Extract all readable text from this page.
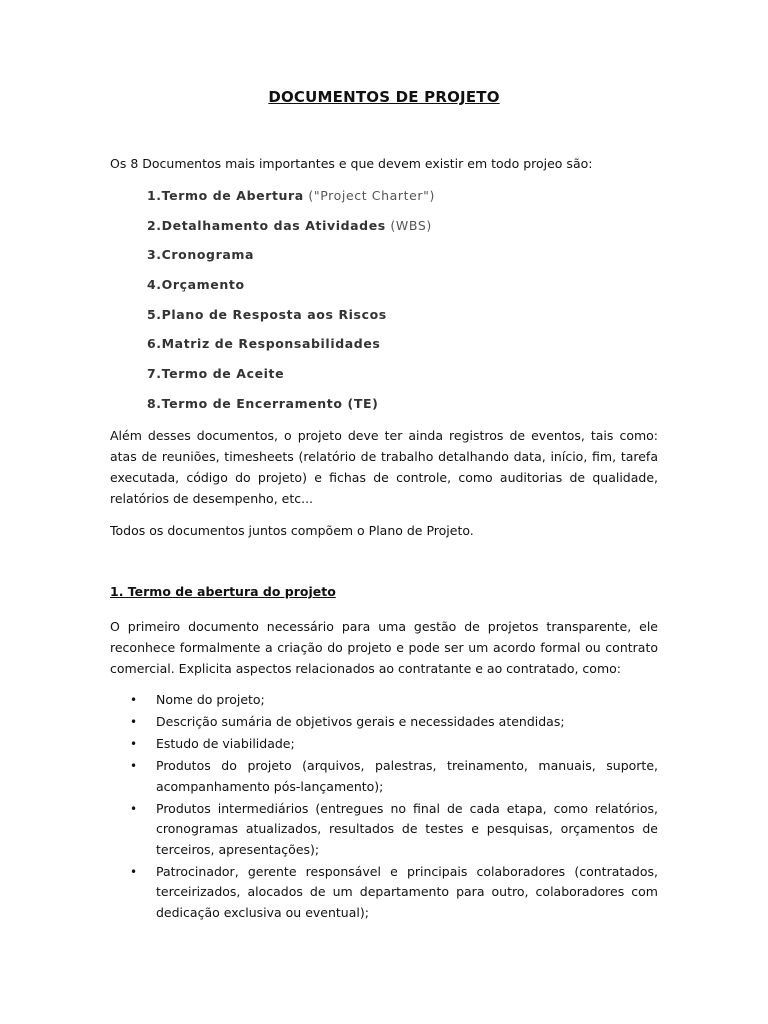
DOCUMENTOS DE PROJETO
Os 8 Documentos mais importantes e que devem existir em todo projeo são:
1.Termo de Abertura ("Project Charter")
2.Detalhamento das Atividades (WBS)
3.Cronograma
4.Orçamento
5.Plano de Resposta aos Riscos
6.Matriz de Responsabilidades
7.Termo de Aceite
8.Termo de Encerramento (TE)

Além desses documentos, o projeto deve ter ainda registros de eventos, tais como: atas de reuniões, timesheets (relatório de trabalho detalhando data, início, fim, tarefa executada, código do projeto) e fichas de controle, como auditorias de qualidade, relatórios de desempenho, etc...

Todos os documentos juntos compõem o Plano de Projeto.

1. Termo de abertura do projeto

O primeiro documento necessário para uma gestão de projetos transparente, ele reconhece formalmente a criação do projeto e pode ser um acordo formal ou contrato comercial. Explicita aspectos relacionados ao contratante e ao contratado, como:

• Nome do projeto;
• Descrição sumária de objetivos gerais e necessidades atendidas;
• Estudo de viabilidade;
• Produtos do projeto (arquivos, palestras, treinamento, manuais, suporte, acompanhamento pós-lançamento);
• Produtos intermediários (entregues no final de cada etapa, como relatórios, cronogramas atualizados, resultados de testes e pesquisas, orçamentos de terceiros, apresentações);
• Patrocinador, gerente responsável e principais colaboradores (contratados, terceirizados, alocados de um departamento para outro, colaboradores com dedicação exclusiva ou eventual);
